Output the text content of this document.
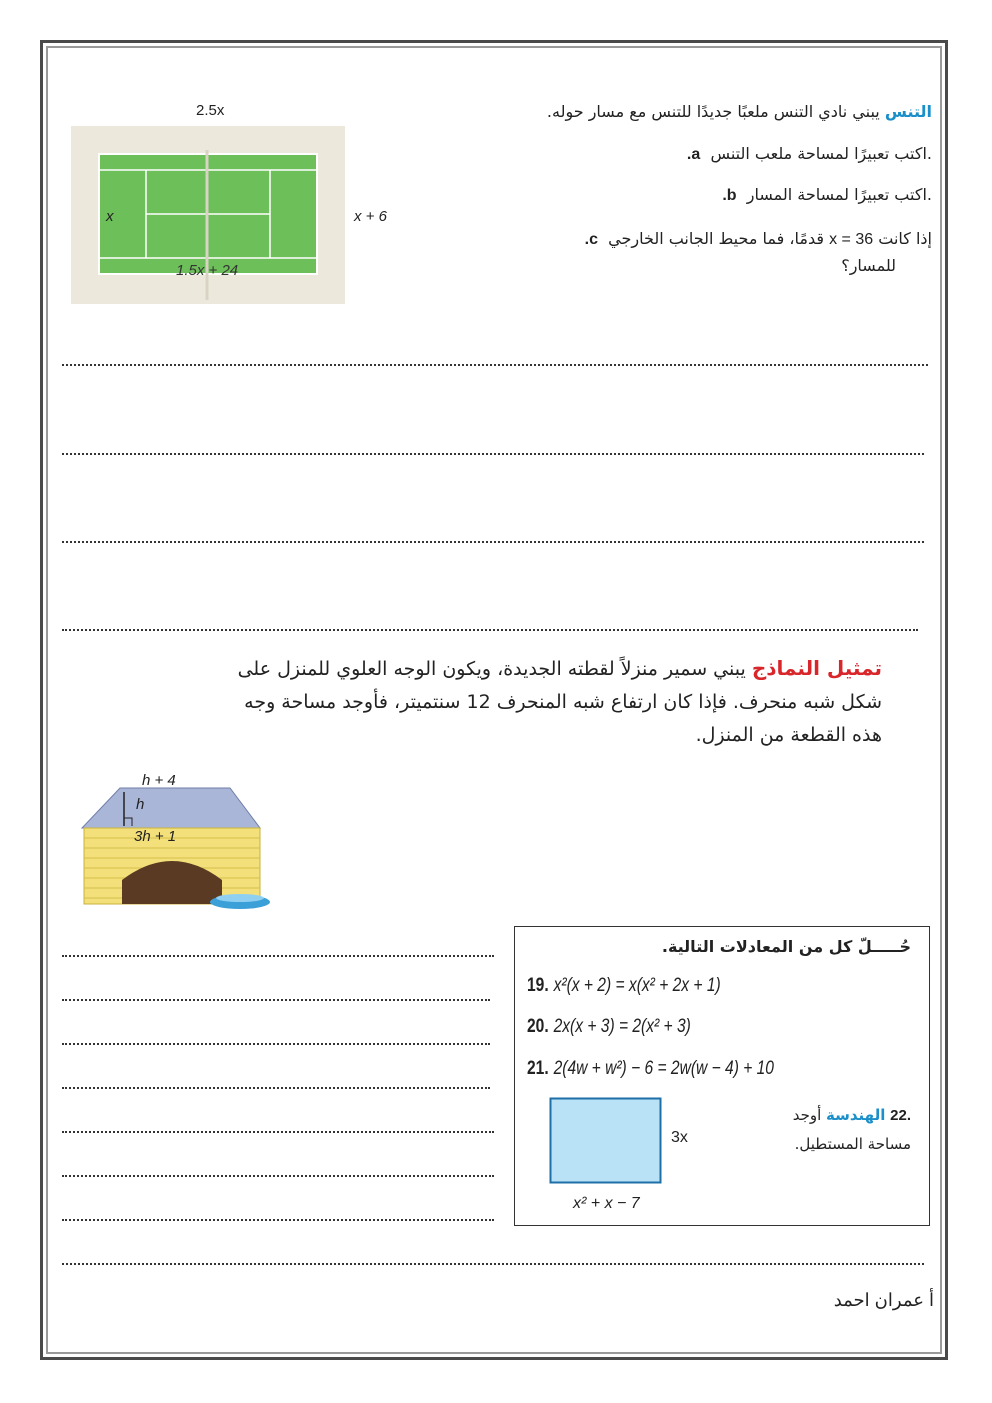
2.5x
x	x + 6
1.5x + 24
التنس يبني نادي التنس ملعبًا جديدًا للتنس مع مسار حوله.
.a اكتب تعبيرًا لمساحة ملعب التنس.
.b اكتب تعبيرًا لمساحة المسار.
.c	إذا كانت x = 36 قدمًا، فما محيط الجانب الخارجي
للمسار؟
تمثيل النماذج يبني سمير منزلاً لقطته الجديدة، ويكون الوجه العلوي للمنزل على
شكل شبه منحرف. فإذا كان ارتفاع شبه المنحرف 12 سنتميتر، فأوجد مساحة وجه
هذه القطعة من المنزل.
h + 4
h
3h + 1
حُـــــلّ كل من المعادلات التالية.
19. x²(x + 2) = x(x² + 2x + 1)
20. 2x(x + 3) = 2(x² + 3)
21. 2(4w + w²) − 6 = 2w(w − 4) + 10
.22 الهندسة أوجد
مساحة المستطيل.
3x
x² + x − 7
أ عمران احمد
